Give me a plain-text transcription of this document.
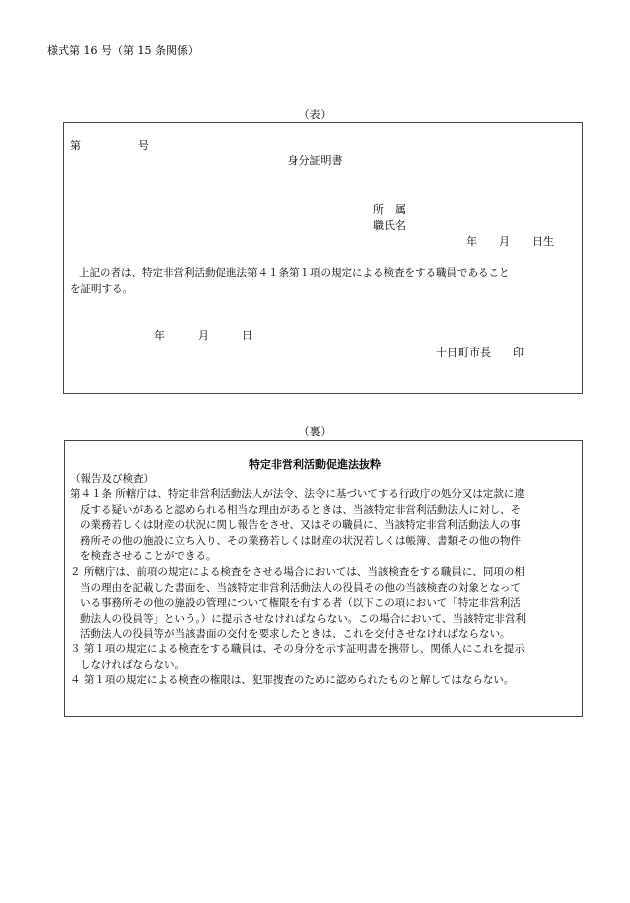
様式第 16 号（第 15 条関係）
（表）
第	号
身分証明書
所　属
職氏名
年　　月　　日生
上記の者は、特定非営利活動促進法第４１条第１項の規定による検査をする職員であること
を証明する。
年　　　月　　　日
十日町市長　　印
（裏）
特定非営利活動促進法抜粋
（報告及び検査）
第４１条 所轄庁は、特定非営利活動法人が法令、法令に基づいてする行政庁の処分又は定款に違
反する疑いがあると認められる相当な理由があるときは、当該特定非営利活動法人に対し、そ
の業務若しくは財産の状況に関し報告をさせ、又はその職員に、当該特定非営利活動法人の事
務所その他の施設に立ち入り、その業務若しくは財産の状況若しくは帳簿、書類その他の物件
を検査させることができる。
２ 所轄庁は、前項の規定による検査をさせる場合においては、当該検査をする職員に、同項の相
当の理由を記載した書面を、当該特定非営利活動法人の役員その他の当該検査の対象となって
いる事務所その他の施設の管理について権限を有する者（以下この項において「特定非営利活
動法人の役員等」という。）に提示させなければならない。この場合において、当該特定非営利
活動法人の役員等が当該書面の交付を要求したときは、これを交付させなければならない。
３ 第１項の規定による検査をする職員は、その身分を示す証明書を携帯し、関係人にこれを提示
しなければならない。
４ 第１項の規定による検査の権限は、犯罪捜査のために認められたものと解してはならない。
